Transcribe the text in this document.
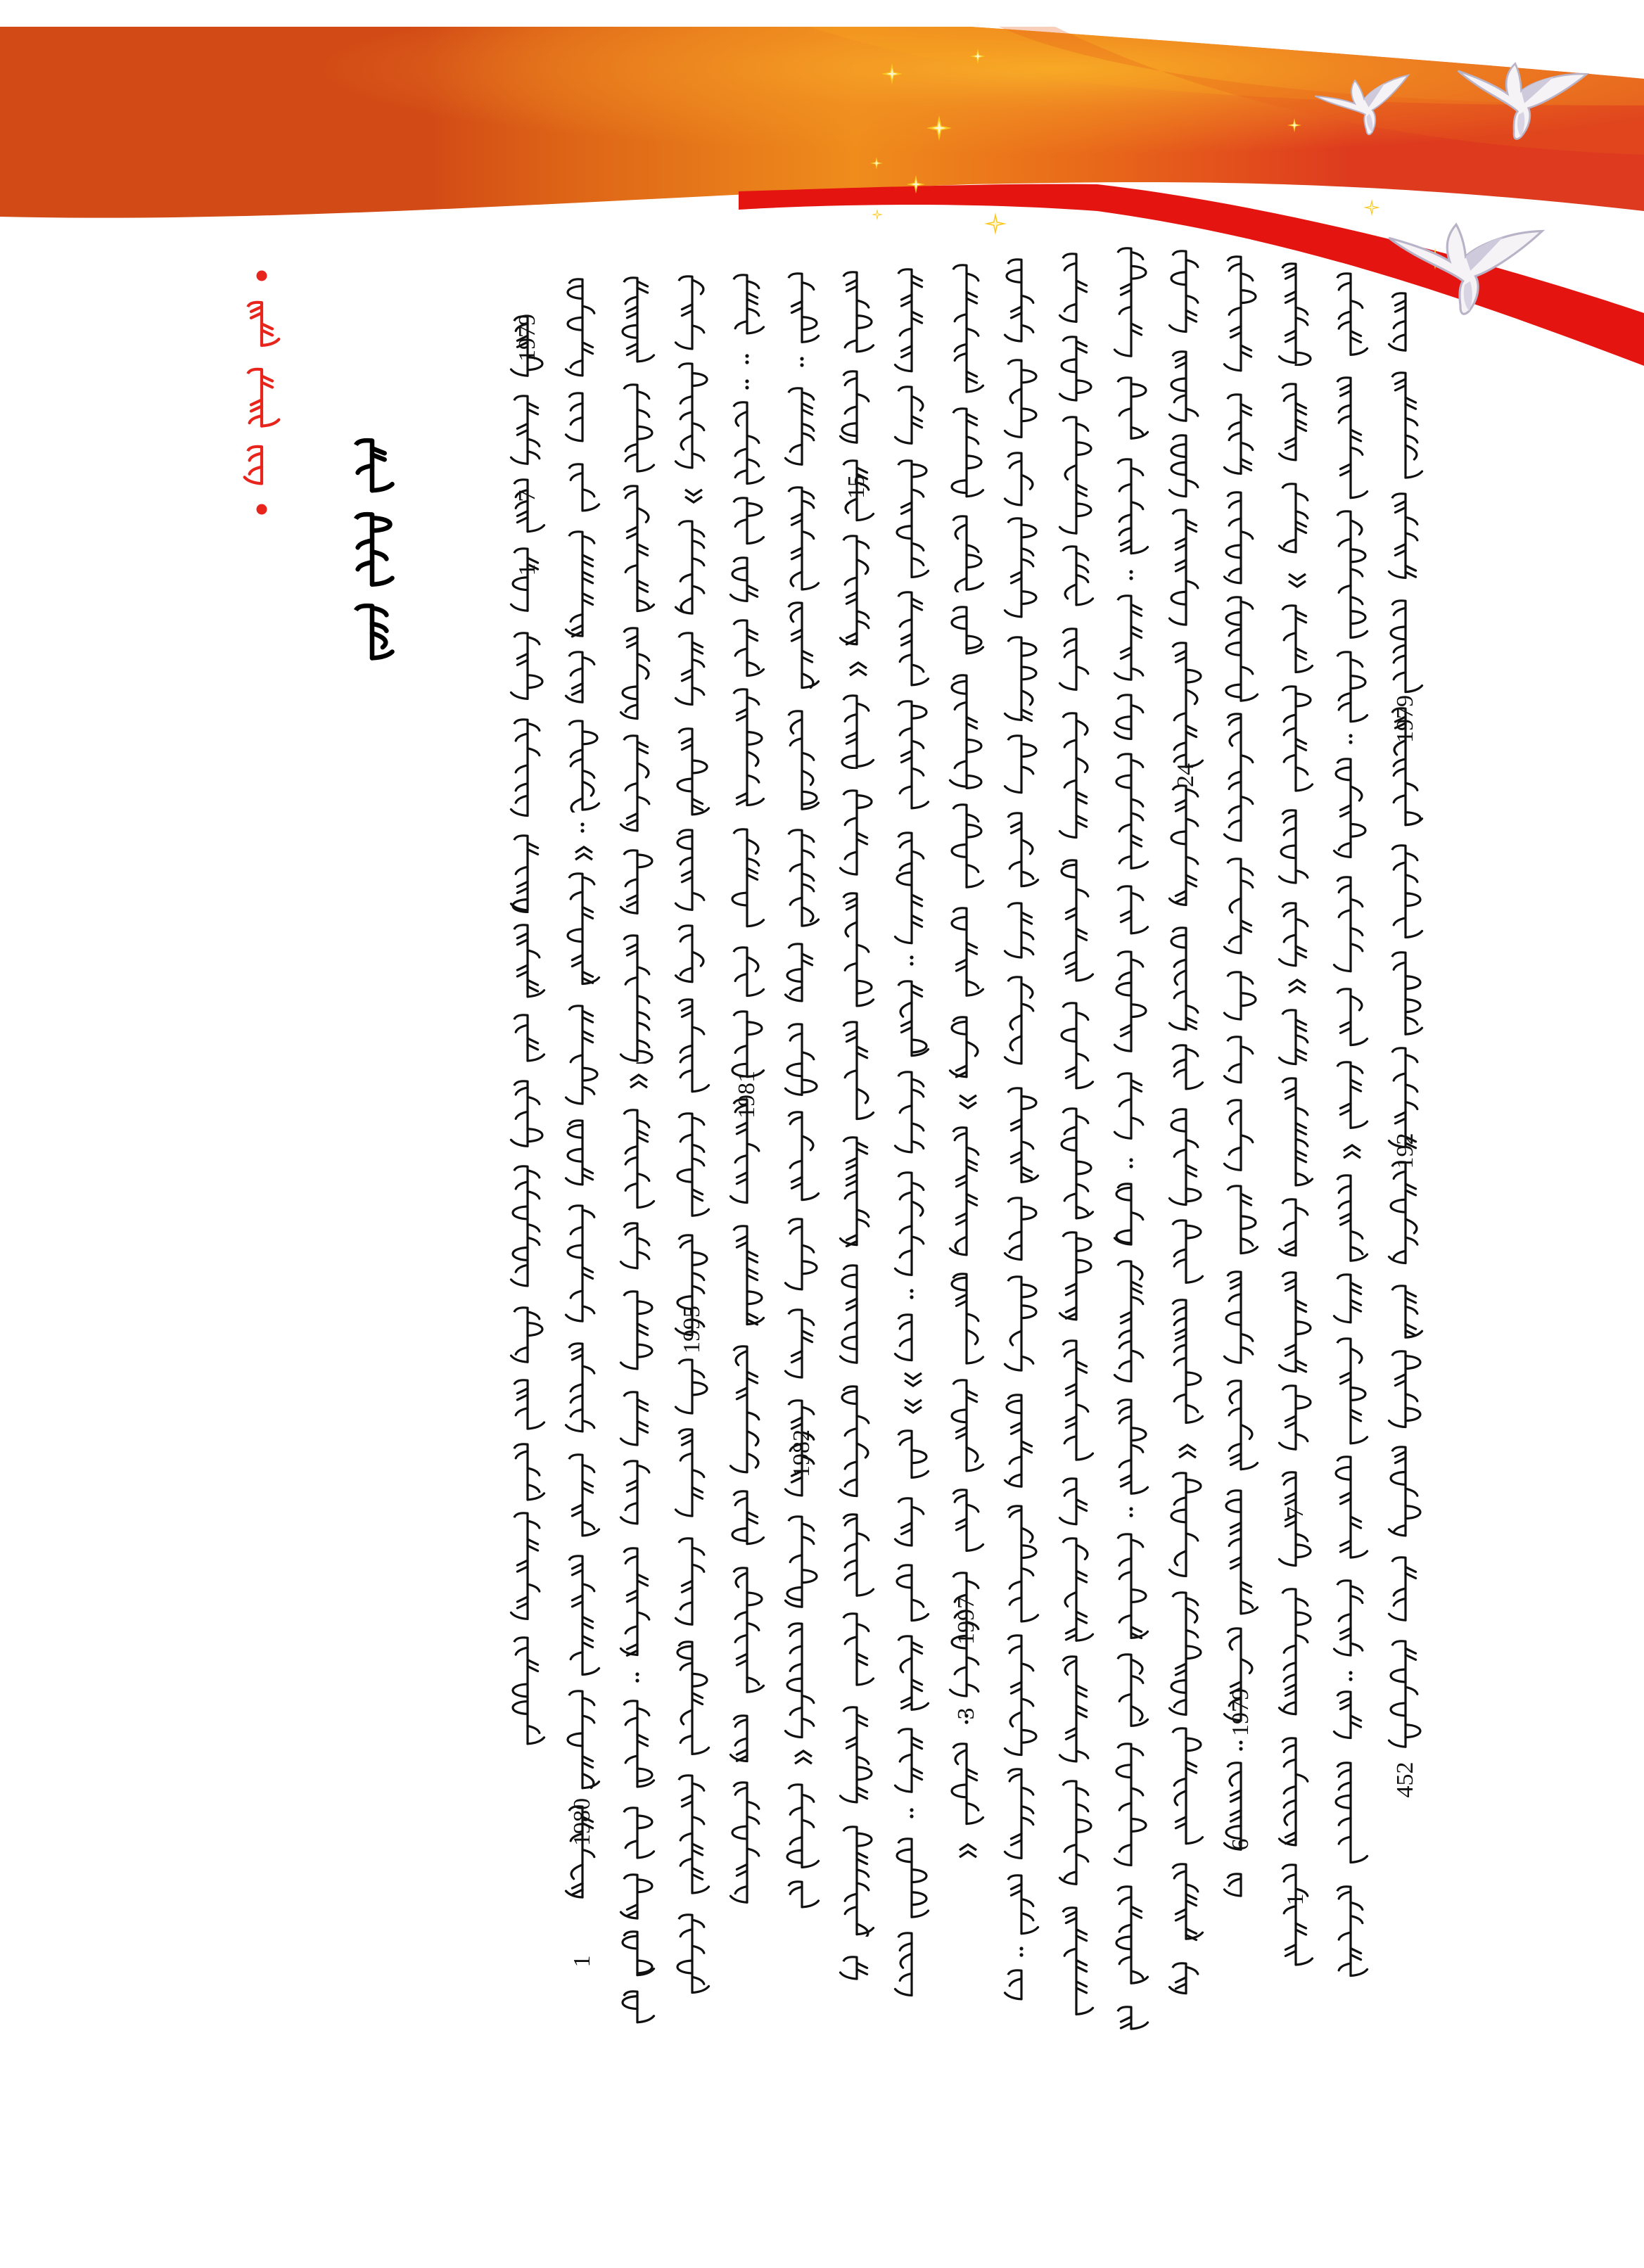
1979
7
1
1980
1
1995
1981
1982
15
1997
3
24
1979
6
7
1
1979
192
452
